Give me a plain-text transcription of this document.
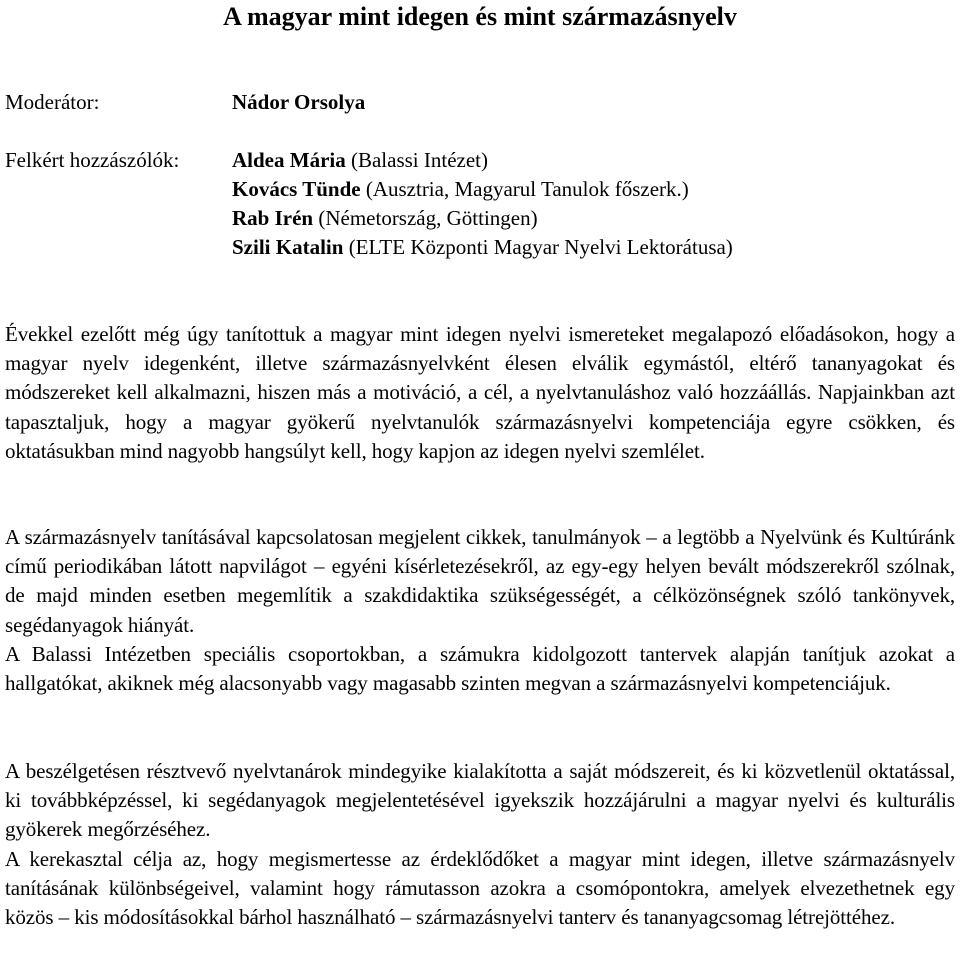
A magyar mint idegen és mint származásnyelv
Moderátor:	Nádor Orsolya
Felkért hozzászólók:	Aldea Mária (Balassi Intézet)
Kovács Tünde (Ausztria, Magyarul Tanulok főszerk.)
Rab Irén (Németország, Göttingen)
Szili Katalin (ELTE Központi Magyar Nyelvi Lektorátusa)

Évekkel ezelőtt még úgy tanítottuk a magyar mint idegen nyelvi ismereteket megalapozó előadásokon, hogy a magyar nyelv idegenként, illetve származásnyelvként élesen elválik egymástól, eltérő tananyagokat és módszereket kell alkalmazni, hiszen más a motiváció, a cél, a nyelvtanuláshoz való hozzáállás. Napjainkban azt tapasztaljuk, hogy a magyar gyökerű nyelvtanulók származásnyelvi kompetenciája egyre csökken, és oktatásukban mind nagyobb hangsúlyt kell, hogy kapjon az idegen nyelvi szemlélet.

A származásnyelv tanításával kapcsolatosan megjelent cikkek, tanulmányok – a legtöbb a Nyelvünk és Kultúránk című periodikában látott napvilágot – egyéni kísérletezésekről, az egy-egy helyen bevált módszerekről szólnak, de majd minden esetben megemlítik a szakdidaktika szükségességét, a célközönségnek szóló tankönyvek, segédanyagok hiányát.

A Balassi Intézetben speciális csoportokban, a számukra kidolgozott tantervek alapján tanítjuk azokat a hallgatókat, akiknek még alacsonyabb vagy magasabb szinten megvan a származásnyelvi kompetenciájuk.

A beszélgetésen résztvevő nyelvtanárok mindegyike kialakította a saját módszereit, és ki közvetlenül oktatással, ki továbbképzéssel, ki segédanyagok megjelentetésével igyekszik hozzájárulni a magyar nyelvi és kulturális gyökerek megőrzéséhez.

A kerekasztal célja az, hogy megismertesse az érdeklődőket a magyar mint idegen, illetve származásnyelv tanításának különbségeivel, valamint hogy rámutasson azokra a csomópontokra, amelyek elvezethetnek egy közös – kis módosításokkal bárhol használható – származásnyelvi tanterv és tananyagcsomag létrejöttéhez.
